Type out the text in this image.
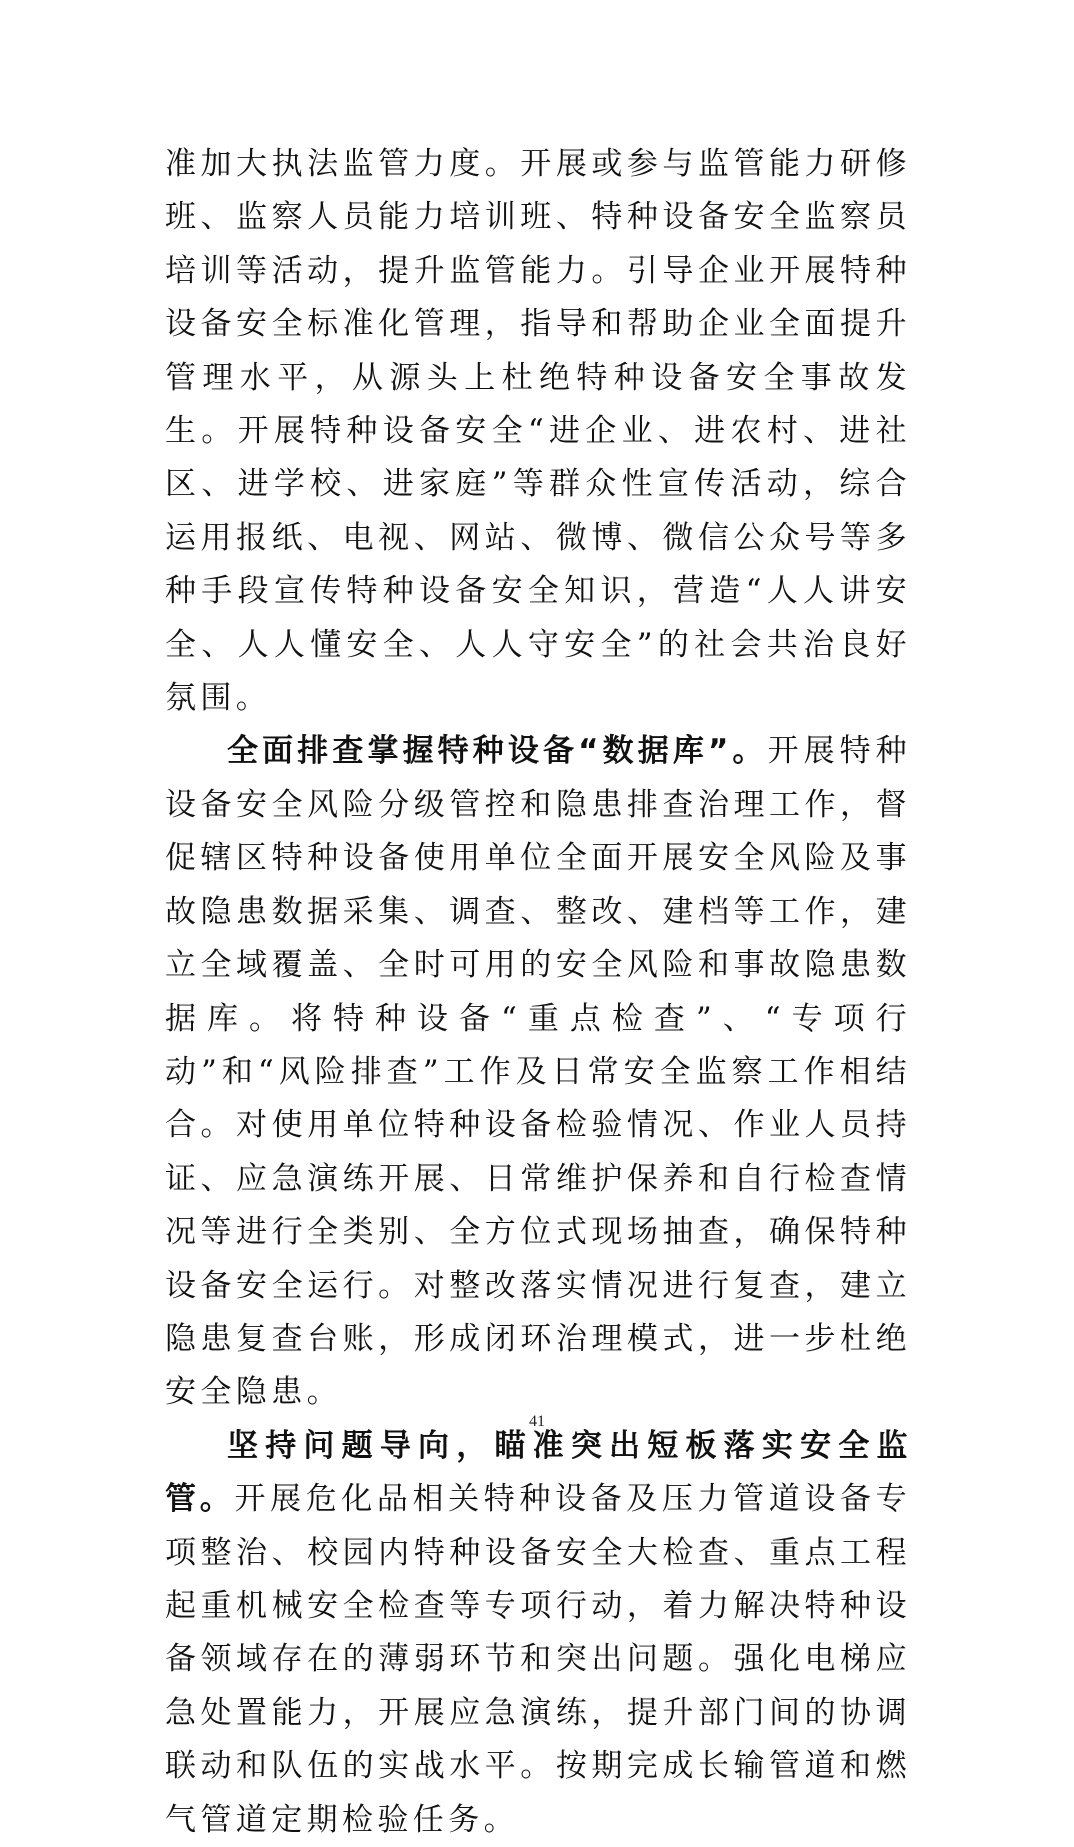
准加大执法监管力度。开展或参与监管能力研修班、监察人员能力培训班、特种设备安全监察员培训等活动，提升监管能力。引导企业开展特种设备安全标准化管理，指导和帮助企业全面提升管理水平，从源头上杜绝特种设备安全事故发生。开展特种设备安全“进企业、进农村、进社区、进学校、进家庭”等群众性宣传活动，综合运用报纸、电视、网站、微博、微信公众号等多种手段宣传特种设备安全知识，营造“人人讲安全、人人懂安全、人人守安全”的社会共治良好氛围。

全面排查掌握特种设备“数据库”。开展特种设备安全风险分级管控和隐患排查治理工作，督促辖区特种设备使用单位全面开展安全风险及事故隐患数据采集、调查、整改、建档等工作，建立全域覆盖、全时可用的安全风险和事故隐患数据库。将特种设备“重点检查”、“专项行动”和“风险排查”工作及日常安全监察工作相结合。对使用单位特种设备检验情况、作业人员持证、应急演练开展、日常维护保养和自行检查情况等进行全类别、全方位式现场抽查，确保特种设备安全运行。对整改落实情况进行复查，建立隐患复查台账，形成闭环治理模式，进一步杜绝安全隐患。

坚持问题导向，瞄准突出短板落实安全监管。开展危化品相关特种设备及压力管道设备专项整治、校园内特种设备安全大检查、重点工程起重机械安全检查等专项行动，着力解决特种设备领域存在的薄弱环节和突出问题。强化电梯应急处置能力，开展应急演练，提升部门间的协调联动和队伍的实战水平。按期完成长输管道和燃气管道定期检验任务。

41
